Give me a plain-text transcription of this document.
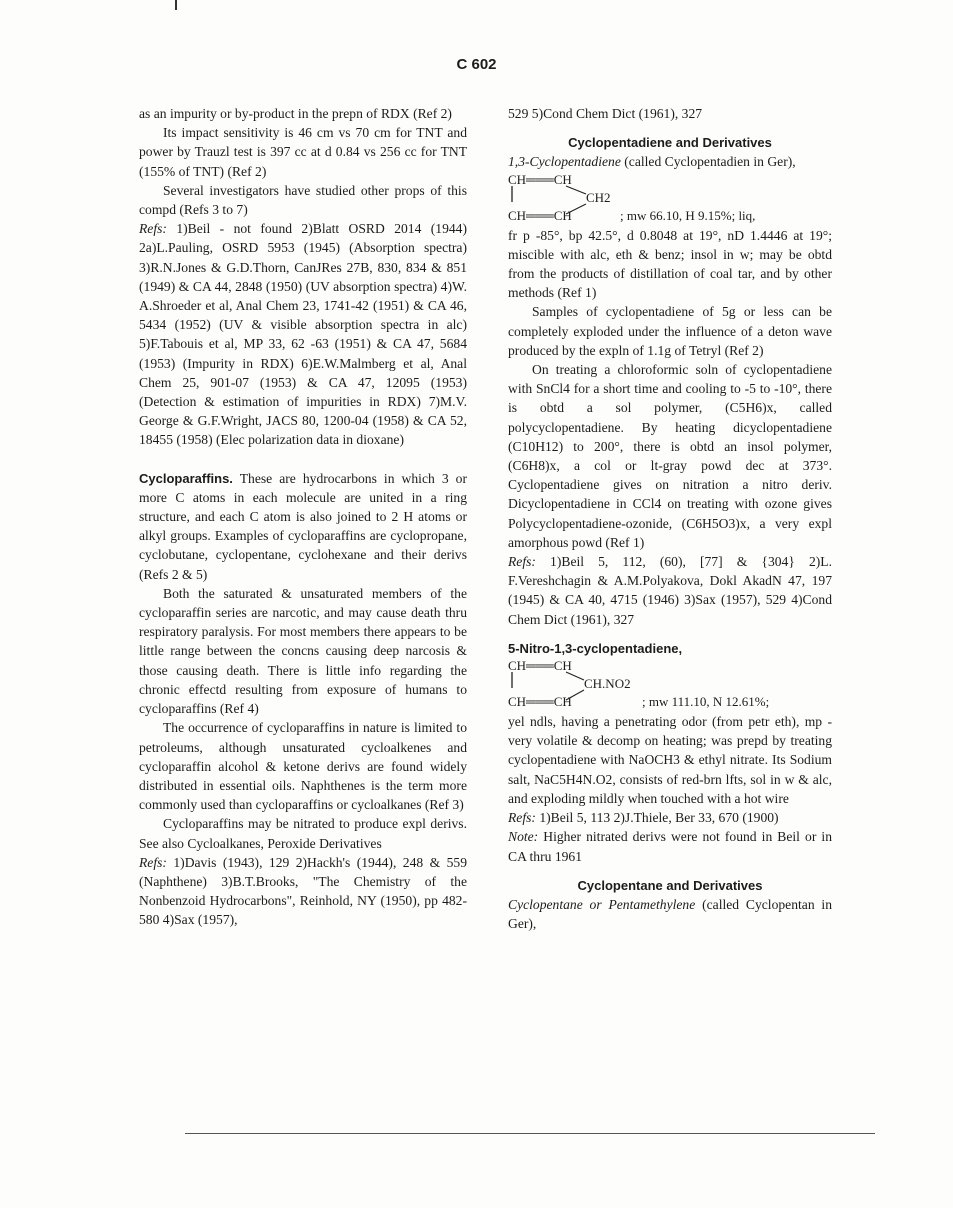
C 602

as an impurity or by-product in the prepn of RDX (Ref 2)

Its impact sensitivity is 46 cm vs 70 cm for TNT and power by Trauzl test is 397 cc at d 0.84 vs 256 cc for TNT (155% of TNT) (Ref 2)

Several investigators have studied other props of this compd (Refs 3 to 7)

Refs: 1)Beil - not found 2)Blatt OSRD 2014 (1944) 2a)L.Pauling, OSRD 5953 (1945) (Absorption spectra) 3)R.N.Jones & G.D.Thorn, CanJRes 27B, 830, 834 & 851 (1949) & CA 44, 2848 (1950) (UV absorption spectra) 4)W. A.Shroeder et al, Anal Chem 23, 1741-42 (1951) & CA 46, 5434 (1952) (UV & visible absorption spectra in alc) 5)F.Tabouis et al, MP 33, 62 -63 (1951) & CA 47, 5684 (1953) (Impurity in RDX) 6)E.W.Malmberg et al, Anal Chem 25, 901-07 (1953) & CA 47, 12095 (1953) (Detection & estimation of impurities in RDX) 7)M.V. George & G.F.Wright, JACS 80, 1200-04 (1958) & CA 52, 18455 (1958) (Elec polarization data in dioxane)

Cycloparaffins. These are hydrocarbons in which 3 or more C atoms in each molecule are united in a ring structure, and each C atom is also joined to 2 H atoms or alkyl groups. Examples of cycloparaffins are cyclopropane, cyclobutane, cyclopentane, cyclohexane and their derivs (Refs 2 & 5)

Both the saturated & unsaturated members of the cycloparaffin series are narcotic, and may cause death thru respiratory paralysis. For most members there appears to be little range between the concns causing deep narcosis & those causing death. There is little info regarding the chronic effectd resulting from exposure of humans to cycloparaffins (Ref 4)

The occurrence of cycloparaffins in nature is limited to petroleums, although unsaturated cycloalkenes and cycloparaffin alcohol & ketone derivs are found widely distributed in essential oils. Naphthenes is the term more commonly used than cycloparaffins or cycloalkanes (Ref 3)

Cycloparaffins may be nitrated to produce expl derivs. See also Cycloalkanes, Peroxide Derivatives

Refs: 1)Davis (1943), 129 2)Hackh's (1944), 248 & 559 (Naphthene) 3)B.T.Brooks, "The Chemistry of the Nonbenzoid Hydrocarbons", Reinhold, NY (1950), pp 482-580 4)Sax (1957),

529 5)Cond Chem Dict (1961), 327

Cyclopentadiene and Derivatives

1,3-Cyclopentadiene (called Cyclopentadien in Ger),

CH═══CH
CH2
CH═══CH	; mw 66.10, H 9.15%; liq,

fr p -85°, bp 42.5°, d 0.8048 at 19°, nD 1.4446 at 19°; miscible with alc, eth & benz; insol in w; may be obtd from the products of distillation of coal tar, and by other methods (Ref 1)

Samples of cyclopentadiene of 5g or less can be completely exploded under the influence of a deton wave produced by the expln of 1.1g of Tetryl (Ref 2)

On treating a chloroformic soln of cyclopentadiene with SnCl4 for a short time and cooling to -5 to -10°, there is obtd a sol polymer, (C5H6)x, called polycyclopentadiene. By heating dicyclopentadiene (C10H12) to 200°, there is obtd an insol polymer, (C6H8)x, a col or lt-gray powd dec at 373°. Cyclopentadiene gives on nitration a nitro deriv. Dicyclopentadiene in CCl4 on treating with ozone gives Polycyclopentadiene-ozonide, (C6H5O3)x, a very expl amorphous powd (Ref 1)

Refs: 1)Beil 5, 112, (60), [77] & {304} 2)L. F.Vereshchagin & A.M.Polyakova, Dokl AkadN 47, 197 (1945) & CA 40, 4715 (1946) 3)Sax (1957), 529 4)Cond Chem Dict (1961), 327

5-Nitro-1,3-cyclopentadiene,

CH═══CH
CH.NO2
CH═══CH	; mw 111.10, N 12.61%;

yel ndls, having a penetrating odor (from petr eth), mp - very volatile & decomp on heating; was prepd by treating cyclopentadiene with NaOCH3 & ethyl nitrate. Its Sodium salt, NaC5H4N.O2, consists of red-brn lfts, sol in w & alc, and exploding mildly when touched with a hot wire

Refs: 1)Beil 5, 113 2)J.Thiele, Ber 33, 670 (1900)

Note: Higher nitrated derivs were not found in Beil or in CA thru 1961

Cyclopentane and Derivatives

Cyclopentane or Pentamethylene (called Cyclopentan in Ger),
